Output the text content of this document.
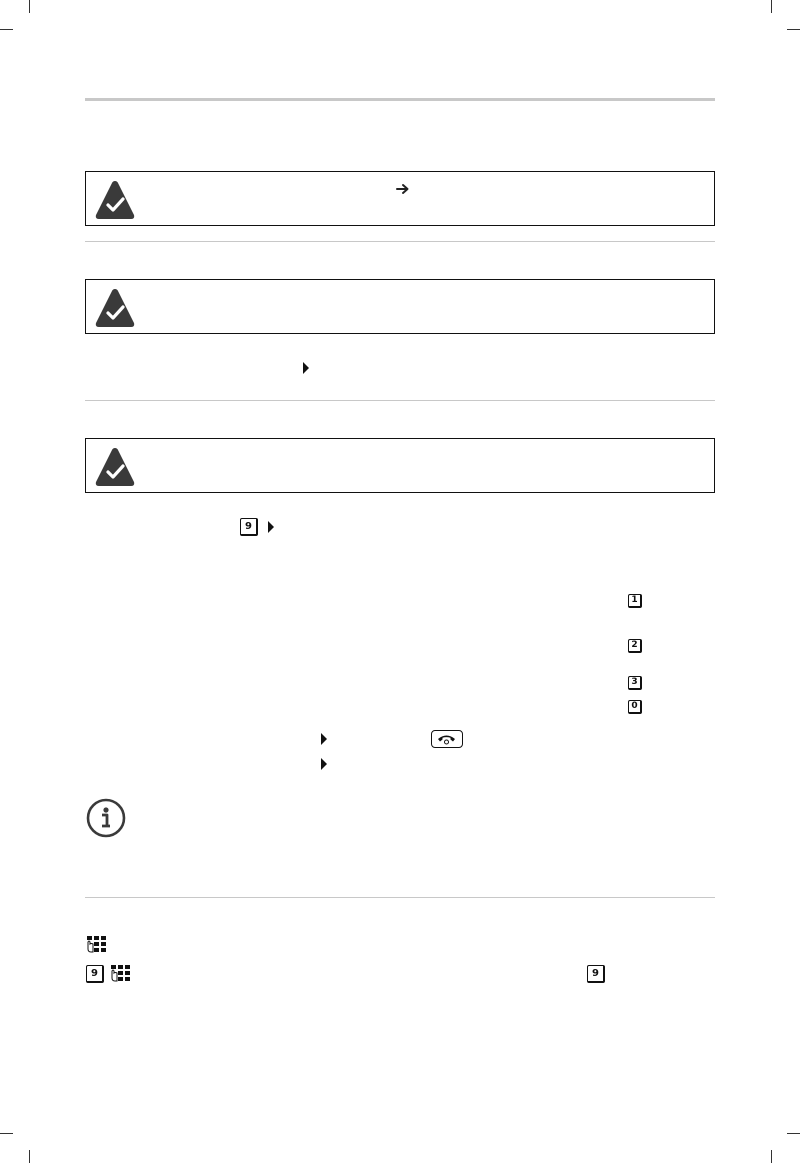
9
1
2
3
0
9	9
